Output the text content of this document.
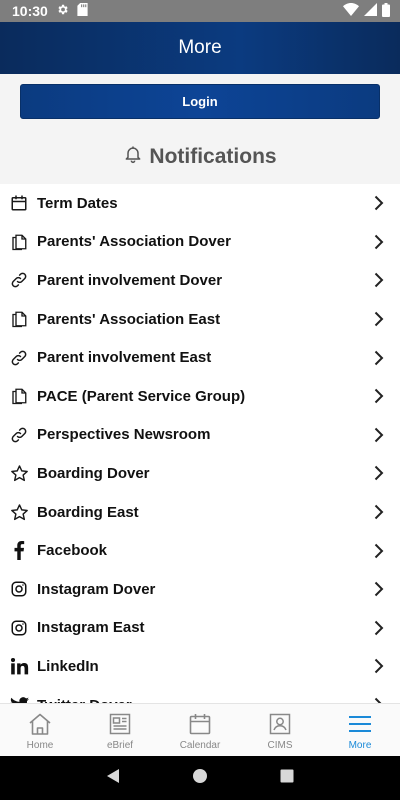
10:30
More
Login
Notifications
Term Dates
Parents' Association Dover
Parent involvement Dover
Parents' Association East
Parent involvement East
PACE (Parent Service Group)
Perspectives Newsroom
Boarding Dover
Boarding East
Facebook
Instagram Dover
Instagram East
LinkedIn
Home	eBrief	Calendar	CIMS	More
